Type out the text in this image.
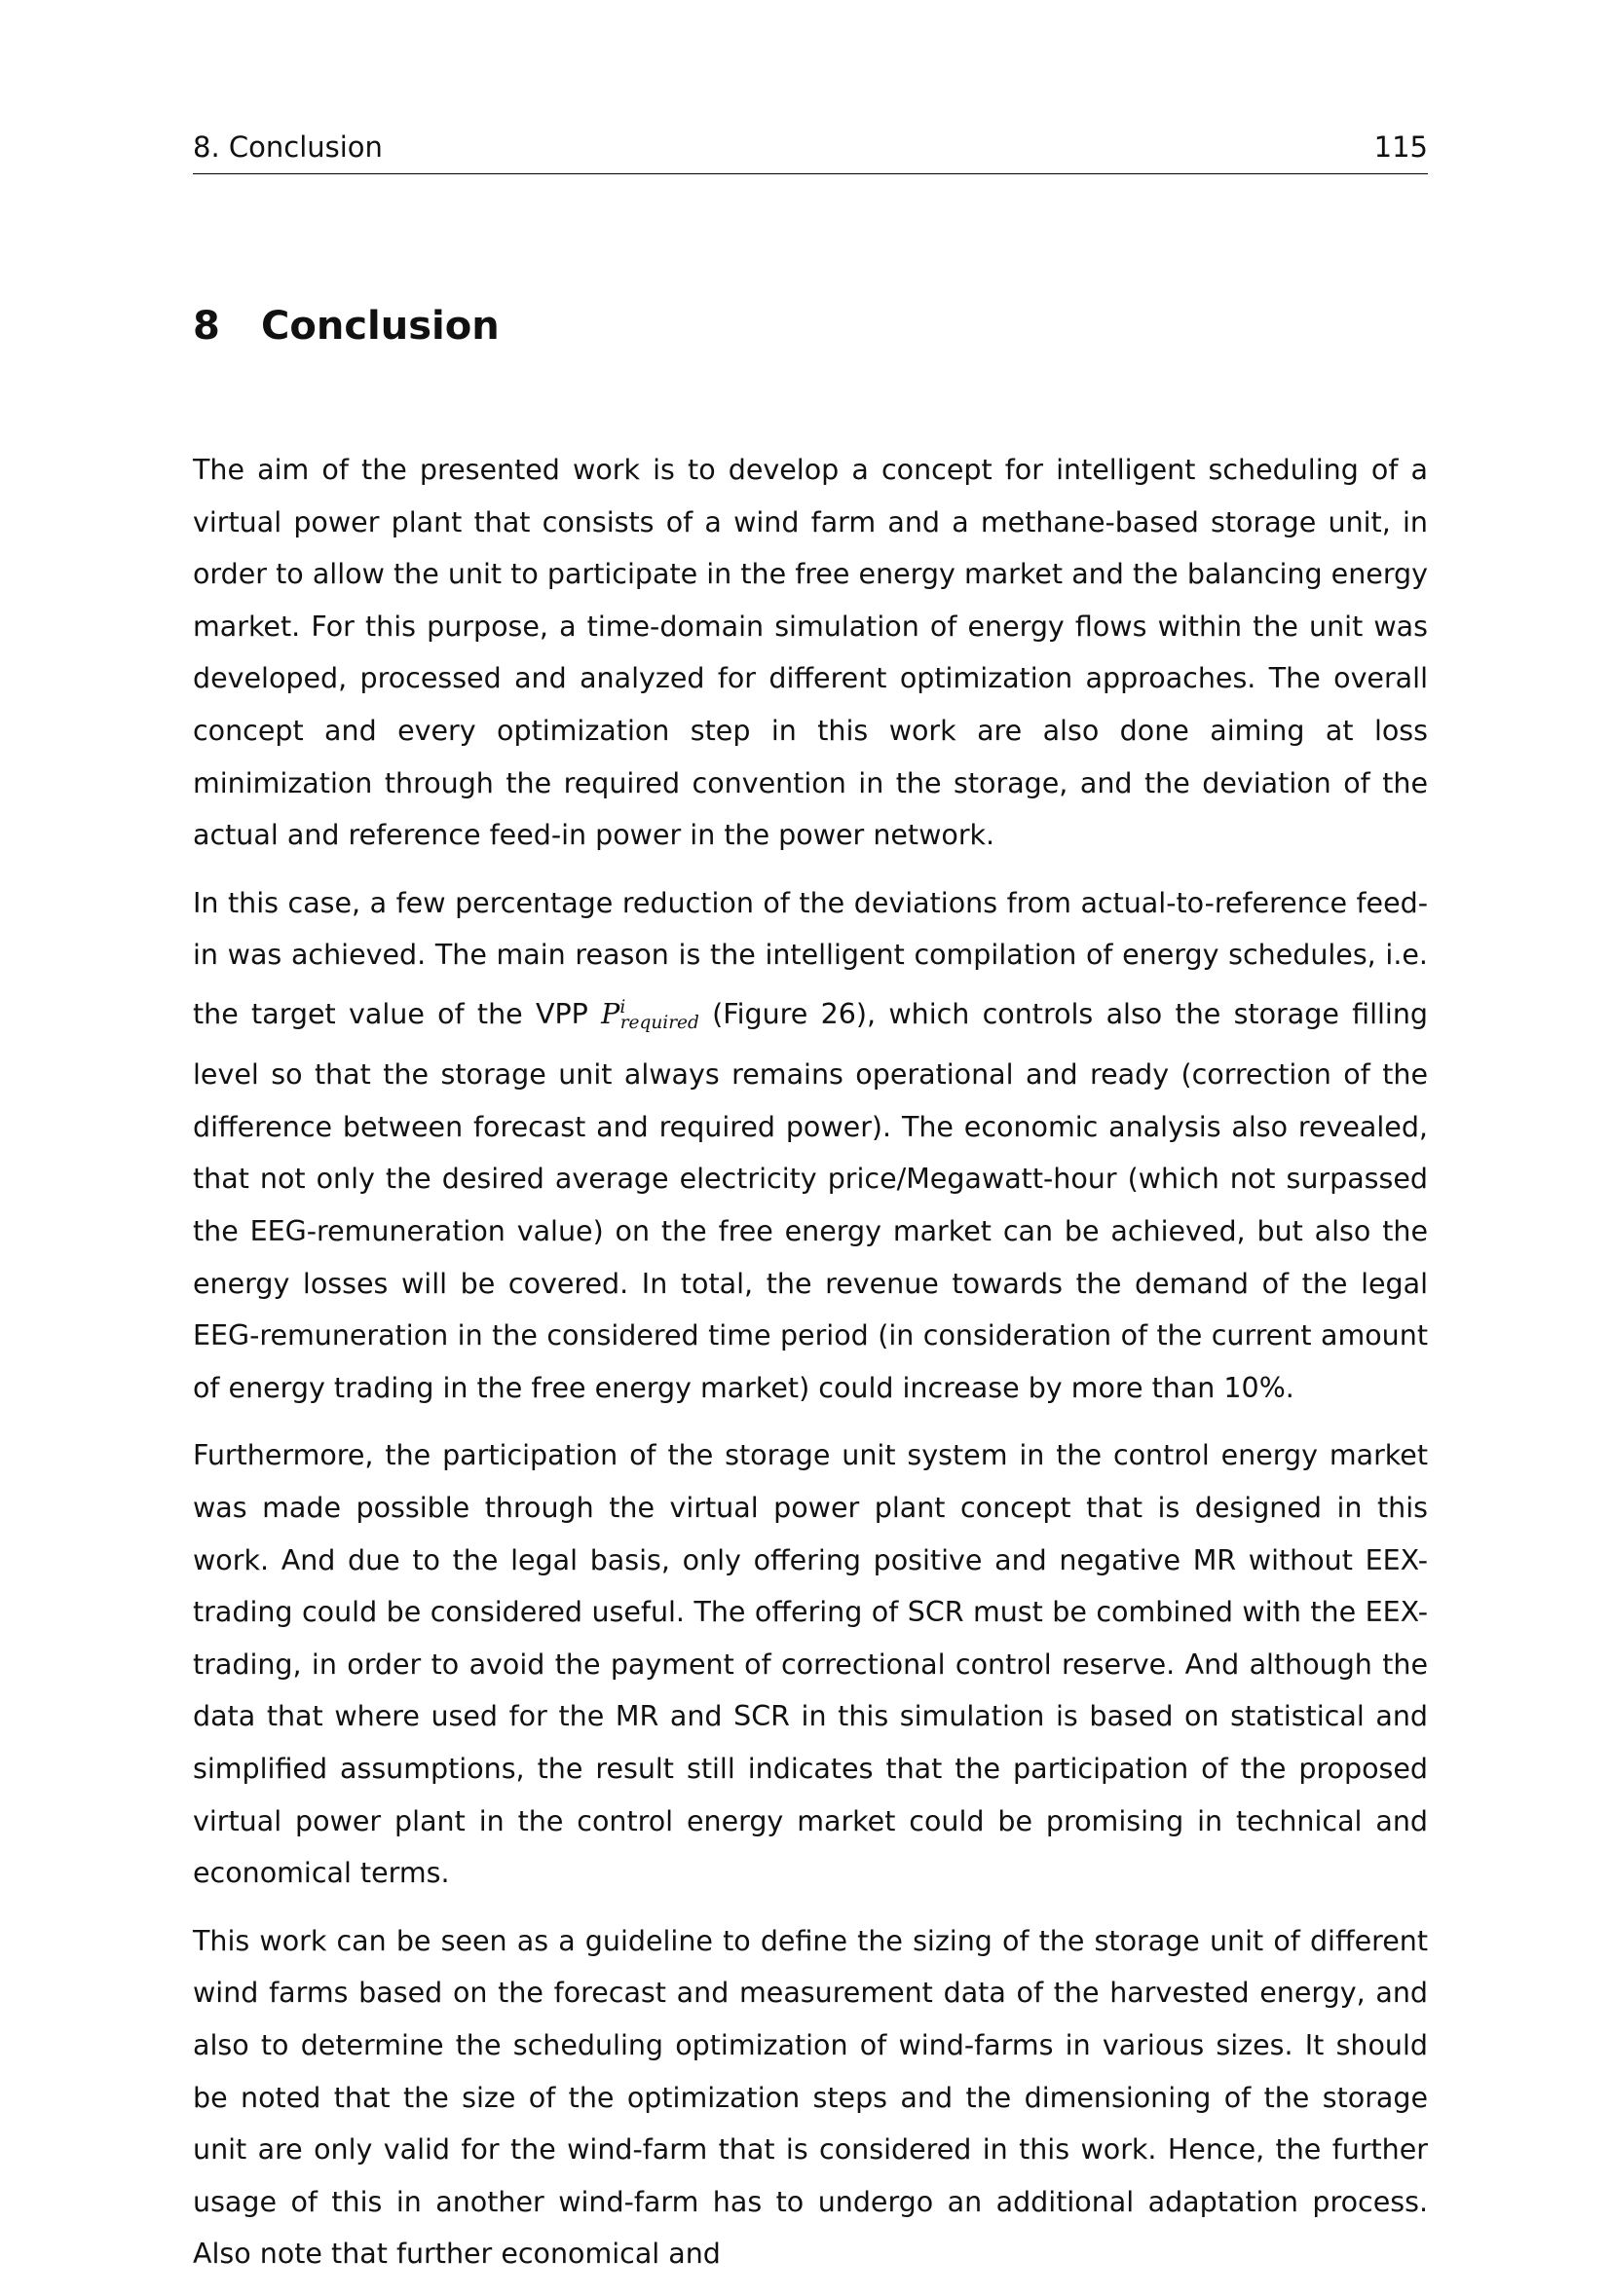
8. Conclusion	115
8 Conclusion

The aim of the presented work is to develop a concept for intelligent scheduling of a virtual power plant that consists of a wind farm and a methane-based storage unit, in order to allow the unit to participate in the free energy market and the balancing energy market. For this purpose, a time-domain simulation of energy flows within the unit was developed, processed and analyzed for different optimization approaches. The overall concept and every optimization step in this work are also done aiming at loss minimization through the required convention in the storage, and the deviation of the actual and reference feed-in power in the power network.

In this case, a few percentage reduction of the deviations from actual-to-reference feed-in was achieved. The main reason is the intelligent compilation of energy schedules, i.e. the target value of the VPP $P^i_{required}$ (Figure 26), which controls also the storage filling level so that the storage unit always remains operational and ready (correction of the difference between forecast and required power). The economic analysis also revealed, that not only the desired average electricity price/Megawatt-hour (which not surpassed the EEG-remuneration value) on the free energy market can be achieved, but also the energy losses will be covered. In total, the revenue towards the demand of the legal EEG-remuneration in the considered time period (in consideration of the current amount of energy trading in the free energy market) could increase by more than 10%.

Furthermore, the participation of the storage unit system in the control energy market was made possible through the virtual power plant concept that is designed in this work. And due to the legal basis, only offering positive and negative MR without EEX-trading could be considered useful. The offering of SCR must be combined with the EEX-trading, in order to avoid the payment of correctional control reserve. And although the data that where used for the MR and SCR in this simulation is based on statistical and simplified assumptions, the result still indicates that the participation of the proposed virtual power plant in the control energy market could be promising in technical and economical terms.

This work can be seen as a guideline to define the sizing of the storage unit of different wind farms based on the forecast and measurement data of the harvested energy, and also to determine the scheduling optimization of wind-farms in various sizes. It should be noted that the size of the optimization steps and the dimensioning of the storage unit are only valid for the wind-farm that is considered in this work. Hence, the further usage of this in another wind-farm has to undergo an additional adaptation process. Also note that further economical and
